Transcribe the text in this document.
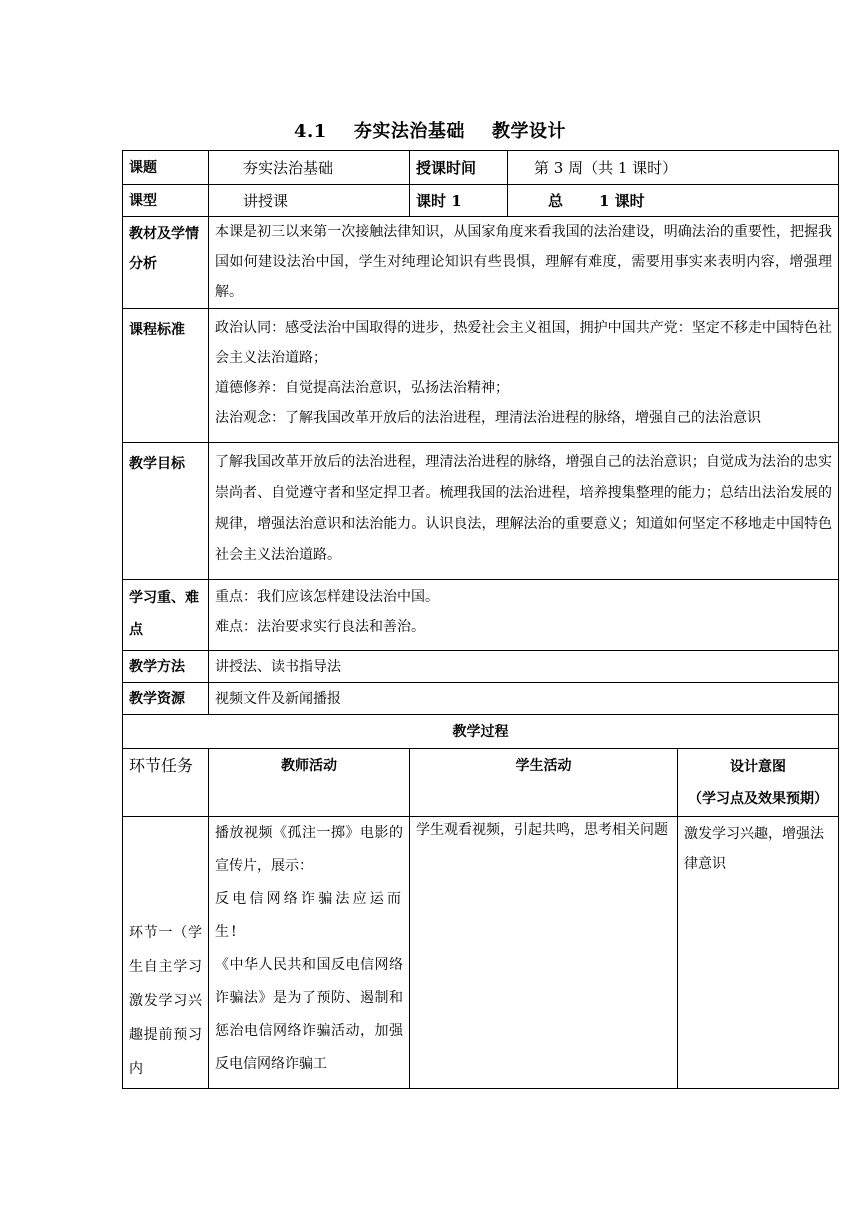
4.1 夯实法治基础 教学设计
课题	夯实法治基础	授课时间	第 3 周（共 1 课时）	
课型	讲授课	课时 1	总 1 课时	
教材及学情分析	本课是初三以来第一次接触法律知识，从国家角度来看我国的法治建设，明确法治的重要性，把握我国如何建设法治中国，学生对纯理论知识有些畏惧，理解有难度，需要用事实来表明内容，增强理解。			
课程标准	政治认同：感受法治中国取得的进步，热爱社会主义祖国，拥护中国共产党：坚定不移走中国特色社会主义法治道路；
道德修养：自觉提高法治意识，弘扬法治精神；
法治观念：了解我国改革开放后的法治进程，理清法治进程的脉络，增强自己的法治意识			

教学目标	了解我国改革开放后的法治进程，理清法治进程的脉络，增强自己的法治意识；自觉成为法治的忠实崇尚者、自觉遵守者和坚定捍卫者。梳理我国的法治进程，培养搜集整理的能力；总结出法治发展的规律，增强法治意识和法治能力。认识良法，理解法治的重要意义；知道如何坚定不移地走中国特色社会主义法治道路。			
学习重、难点	重点：我们应该怎样建设法治中国。
难点：法治要求实行良法和善治。			

教学方法	讲授法、读书指导法			
教学资源	视频文件及新闻播报			
教学过程				
环节任务	教师活动	学生活动		设计意图
（学习点及效果预期）

环节一（学生自主学习激发学习兴趣提前预习内	播放视频《孤注一掷》电影的宣传片，展示：
反电信网络诈骗法应运而生!
《中华人民共和国反电信网络诈骗法》是为了预防、遏制和惩治电信网络诈骗活动，加强反电信网络诈骗工	学生观看视频，引起共鸣，思考相关问题		激发学习兴趣，增强法律意识
